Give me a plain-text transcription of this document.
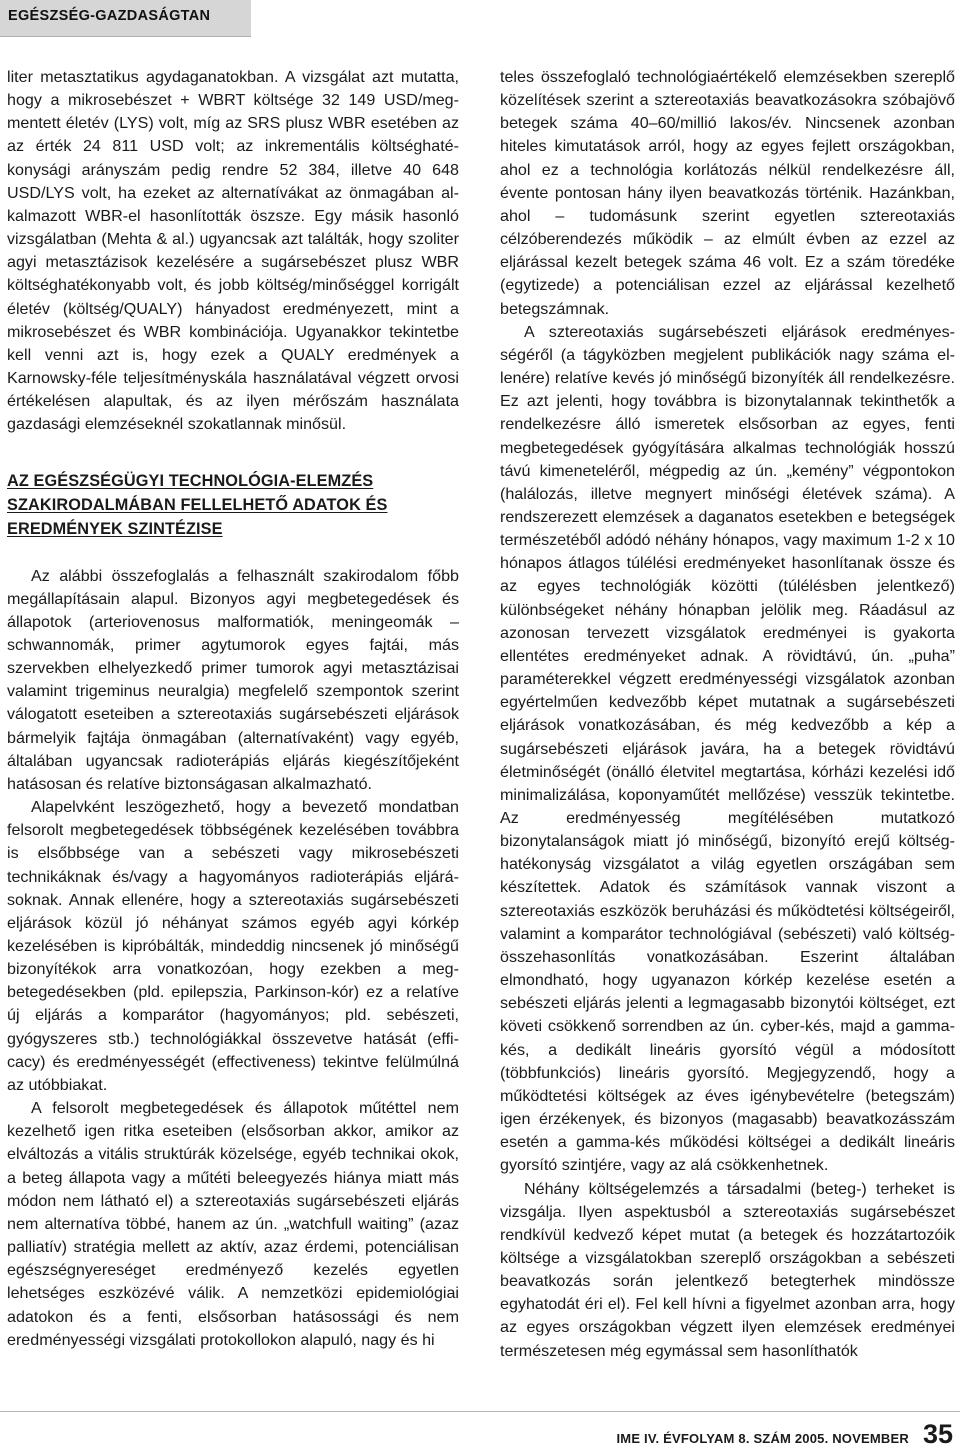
EGÉSZSÉG-GAZDASÁGTAN

liter metasztatikus agydaganatokban. A vizsgálat azt mutatta, hogy a mikrosebészet + WBRT költsége 32 149 USD/megmentett életév (LYS) volt, míg az SRS plusz WBR esetében az az érték 24 811 USD volt; az inkrementális költséghatékonysági arányszám pedig rendre 52 384, illetve 40 648 USD/LYS volt, ha ezeket az alternatívákat az önmagában alkalmazott WBR-el hasonlították öszsze. Egy másik hasonló vizsgálatban (Mehta & al.) ugyancsak azt találták, hogy szoliter agyi metasztázisok kezelésére a sugársebészet plusz WBR költséghatékonyabb volt, és jobb költség/minőséggel korrigált életév (költség/QUALY) hányadost eredményezett, mint a mikrosebészet és WBR kombinációja. Ugyanakkor tekintetbe kell venni azt is, hogy ezek a QUALY eredmények a Karnowsky-féle teljesítményskála használatával végzett orvosi értékelésen alapultak, és az ilyen mérőszám használata gazdasági elemzéseknél szokatlannak minősül.

AZ EGÉSZSÉGÜGYI TECHNOLÓGIA-ELEMZÉS SZAKIRODALMÁBAN FELLELHETŐ ADATOK ÉS EREDMÉNYEK SZINTÉZISE

Az alábbi összefoglalás a felhasznált szakirodalom főbb megállapításain alapul. Bizonyos agyi megbetegedések és állapotok (arteriovenosus malformatiók, meningeomák – schwannomák, primer agytumorok egyes fajtái, más szervekben elhelyezkedő primer tumorok agyi metasztázisai valamint trigeminus neuralgia) megfelelő szempontok szerint válogatott eseteiben a sztereotaxiás sugársebészeti eljárások bármelyik fajtája önmagában (alternatívaként) vagy egyéb, általában ugyancsak radioterápiás eljárás kiegészítőjeként hatásosan és relatíve biztonságasan alkalmazható.

Alapelvként leszögezhető, hogy a bevezető mondatban felsorolt megbetegedések többségének kezelésében továbbra is elsőbbsége van a sebészeti vagy mikrosebészeti technikáknak és/vagy a hagyományos radioterápiás eljárásoknak. Annak ellenére, hogy a sztereotaxiás sugársebészeti eljárások közül jó néhányat számos egyéb agyi kórkép kezelésében is kipróbálták, mindeddig nincsenek jó minőségű bizonyítékok arra vonatkozóan, hogy ezekben a megbetegedésekben (pld. epilepszia, Parkinson-kór) ez a relatíve új eljárás a komparátor (hagyományos; pld. sebészeti, gyógyszeres stb.) technológiákkal összevetve hatását (efficacy) és eredményességét (effectiveness) tekintve felülmúlná az utóbbiakat.

A felsorolt megbetegedések és állapotok műtéttel nem kezelhető igen ritka eseteiben (elsősorban akkor, amikor az elváltozás a vitális struktúrák közelsége, egyéb technikai okok, a beteg állapota vagy a műtéti beleegyezés hiánya miatt más módon nem látható el) a sztereotaxiás sugársebészeti eljárás nem alternatíva többé, hanem az ún. „watchfull waiting” (azaz palliatív) stratégia mellett az aktív, azaz érdemi, potenciálisan egészségnyereséget eredményező kezelés egyetlen lehetséges eszközévé válik. A nemzetközi epidemiológiai adatokon és a fenti, elsősorban hatásossági és nem eredményességi vizsgálati protokollokon alapuló, nagy és hi

teles összefoglaló technológiaértékelő elemzésekben szereplő közelítések szerint a sztereotaxiás beavatkozásokra szóbajövő betegek száma 40–60/millió lakos/év. Nincsenek azonban hiteles kimutatások arról, hogy az egyes fejlett országokban, ahol ez a technológia korlátozás nélkül rendelkezésre áll, évente pontosan hány ilyen beavatkozás történik. Hazánkban, ahol – tudomásunk szerint egyetlen sztereotaxiás célzóberendezés működik – az elmúlt évben az ezzel az eljárással kezelt betegek száma 46 volt. Ez a szám töredéke (egytizede) a potenciálisan ezzel az eljárással kezelhető betegszámnak.

A sztereotaxiás sugársebészeti eljárások eredményességéről (a tágyközben megjelent publikációk nagy száma ellenére) relatíve kevés jó minőségű bizonyíték áll rendelkezésre. Ez azt jelenti, hogy továbbra is bizonytalannak tekinthetők a rendelkezésre álló ismeretek elsősorban az egyes, fenti megbetegedések gyógyítására alkalmas technológiák hosszú távú kimeneteléről, mégpedig az ún. „kemény” végpontokon (halálozás, illetve megnyert minőségi életévek száma). A rendszerezett elemzések a daganatos esetekben e betegségek természetéből adódó néhány hónapos, vagy maximum 1-2 x 10 hónapos átlagos túlélési eredményeket hasonlítanak össze és az egyes technológiák közötti (túlélésben jelentkező) különbségeket néhány hónapban jelölik meg. Ráadásul az azonosan tervezett vizsgálatok eredményei is gyakorta ellentétes eredményeket adnak. A rövidtávú, ún. „puha” paraméterekkel végzett eredményességi vizsgálatok azonban egyértelműen kedvezőbb képet mutatnak a sugársebészeti eljárások vonatkozásában, és még kedvezőbb a kép a sugársebészeti eljárások javára, ha a betegek rövidtávú életminőségét (önálló életvitel megtartása, kórházi kezelési idő minimalizálása, koponyaműtét mellőzése) vesszük tekintetbe. Az eredményesség megítélésében mutatkozó bizonytalanságok miatt jó minőségű, bizonyító erejű költség-hatékonyság vizsgálatot a világ egyetlen országában sem készítettek. Adatok és számítások vannak viszont a sztereotaxiás eszközök beruházási és működtetési költségeiről, valamint a komparátor technológiával (sebészeti) való költség-összehasonlítás vonatkozásában. Eszerint általában elmondható, hogy ugyanazon kórkép kezelése esetén a sebészeti eljárás jelenti a legmagasabb bizonytói költséget, ezt követi csökkenő sorrendben az ún. cyber-kés, majd a gamma-kés, a dedikált lineáris gyorsító végül a módosított (többfunkciós) lineáris gyorsító. Megjegyzendő, hogy a működtetési költségek az éves igénybevételre (betegszám) igen érzékenyek, és bizonyos (magasabb) beavatkozásszám esetén a gamma-kés működési költségei a dedikált lineáris gyorsító szintjére, vagy az alá csökkenhetnek.

Néhány költségelemzés a társadalmi (beteg-) terheket is vizsgálja. Ilyen aspektusból a sztereotaxiás sugársebészet rendkívül kedvező képet mutat (a betegek és hozzátartozóik költsége a vizsgálatokban szereplő országokban a sebészeti beavatkozás során jelentkező betegterhek mindössze egyhatodát éri el). Fel kell hívni a figyelmet azonban arra, hogy az egyes országokban végzett ilyen elemzések eredményei természetesen még egymással sem hasonlíthatók

IME IV. ÉVFOLYAM 8. SZÁM 2005. NOVEMBER 35
